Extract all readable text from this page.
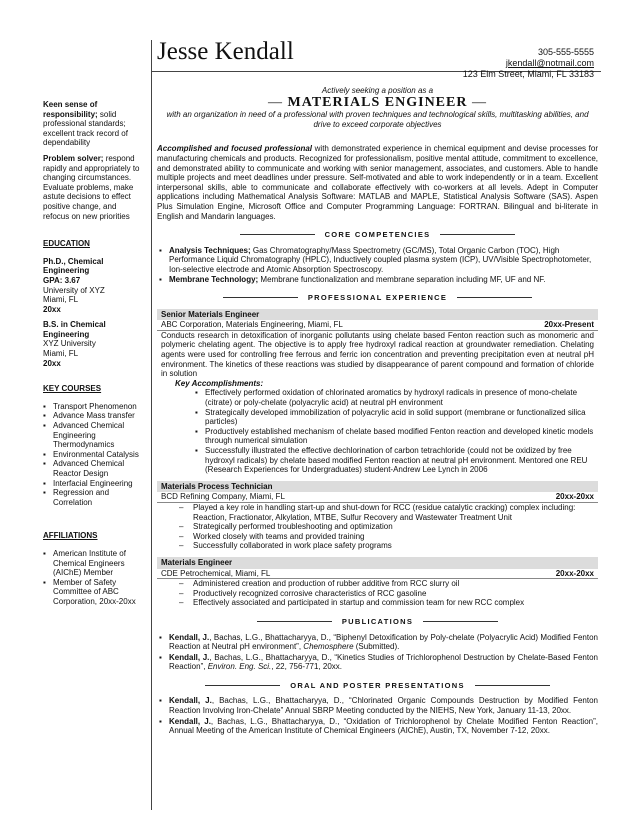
Jesse Kendall	305-555-5555
jkendall@notmail.com
123 Elm Street, Miami, FL 33183
Keen sense of responsibility; solid professional standards; excellent track record of dependability
Problem solver; respond rapidly and appropriately to changing circumstances. Evaluate problems, make astute decisions to effect positive change, and refocus on new priorities
EDUCATION
Ph.D., Chemical Engineering
GPA: 3.67
University of XYZ
Miami, FL
20xx
B.S. in Chemical Engineering
XYZ University
Miami, FL
20xx
KEY COURSES
▪ Transport Phenomenon
▪ Advance Mass transfer
▪ Advanced Chemical Engineering Thermodynamics
▪ Environmental Catalysis
▪ Advanced Chemical Reactor Design
▪ Interfacial Engineering
▪ Regression and Correlation
AFFILIATIONS
▪ American Institute of Chemical Engineers (AIChE) Member
▪ Member of Safety Committee of ABC Corporation, 20xx-20xx
Actively seeking a position as a
— MATERIALS ENGINEER —
with an organization in need of a professional with proven techniques and technological skills, multitasking abilities, and drive to exceed corporate objectives
Accomplished and focused professional with demonstrated experience in chemical equipment and devise processes for manufacturing chemicals and products. Recognized for professionalism, positive mental attitude, commitment to excellence, and demonstrated ability to communicate and working with senior management, associates, and customers. Able to handle multiple projects and meet deadlines under pressure. Self-motivated and able to work independently or in a team. Excellent interpersonal skills, able to communicate and collaborate effectively with co-workers at all levels. Adept in Computer applications including Mathematical Analysis Software: MATLAB and MAPLE, Statistical Analysis Software (SAS). Aspen Plus Simulation Engine, Microsoft Office and Computer Programming Language: FORTRAN. Bilingual and bi-literate in English and Mandarin languages.
CORE COMPETENCIES
▪ Analysis Techniques; Gas Chromatography/Mass Spectrometry (GC/MS), Total Organic Carbon (TOC), High Performance Liquid Chromatography (HPLC), Inductively coupled plasma system (ICP), UV/Visible Spectrophotometer, Ion-selective electrode and Atomic Absorption Spectroscopy.
▪ Membrane Technology; Membrane functionalization and membrane separation including MF, UF and NF.
PROFESSIONAL EXPERIENCE
Senior Materials Engineer
ABC Corporation, Materials Engineering, Miami, FL	20xx-Present
Conducts research in detoxification of inorganic pollutants using chelate based Fenton reaction such as monomeric and polymeric chelating agent. The objective is to apply free hydroxyl radical reaction at groundwater remediation. Chelating agents were used for controlling free ferrous and ferric ion concentration and preventing precipitation even at neutral pH environment. The kinetics of these reactions was studied by disappearance of parent compound and formation of chloride in solution
Key Accomplishments:
▪ Effectively performed oxidation of chlorinated aromatics by hydroxyl radicals in presence of mono-chelate (citrate) or poly-chelate (polyacrylic acid) at neutral pH environment
▪ Strategically developed immobilization of polyacrylic acid in solid support (membrane or functionalized silica particles)
▪ Productively established mechanism of chelate based modified Fenton reaction and developed kinetic models through numerical simulation
▪ Successfully illustrated the effective dechlorination of carbon tetrachloride (could not be oxidized by free hydroxyl radicals) by chelate based modified Fenton reaction at neutral pH environment. Mentored one REU (Research Experiences for Undergraduates) student-Andrew Lee Lynch in 2006
Materials Process Technician
BCD Refining Company, Miami, FL	20xx-20xx
– Played a key role in handling start-up and shut-down for RCC (residue catalytic cracking) complex including: Reaction, Fractionator, Alkylation, MTBE, Sulfur Recovery and Wastewater Treatment Unit
– Strategically performed troubleshooting and optimization
– Worked closely with teams and provided training
– Successfully collaborated in work place safety programs
Materials Engineer
CDE Petrochemical, Miami, FL	20xx-20xx
– Administered creation and production of rubber additive from RCC slurry oil
– Productively recognized corrosive characteristics of RCC gasoline
– Effectively associated and participated in startup and commission team for new RCC complex
PUBLICATIONS
▪ Kendall, J., Bachas, L.G., Bhattacharyya, D., “Biphenyl Detoxification by Poly-chelate (Polyacrylic Acid) Modified Fenton Reaction at Neutral pH environment”, Chemosphere (Submitted).
▪ Kendall, J., Bachas, L.G., Bhattacharyya, D., “Kinetics Studies of Trichlorophenol Destruction by Chelate-Based Fenton Reaction”, Environ. Eng. Sci., 22, 756-771, 20xx.
ORAL AND POSTER PRESENTATIONS
▪ Kendall, J., Bachas, L.G., Bhattacharyya, D., “Chlorinated Organic Compounds Destruction by Modified Fenton Reaction Involving Iron-Chelate” Annual SBRP Meeting conducted by the NIEHS, New York, January 11-13, 20xx.
▪ Kendall, J., Bachas, L.G., Bhattacharyya, D., “Oxidation of Trichlorophenol by Chelate Modified Fenton Reaction”, Annual Meeting of the American Institute of Chemical Engineers (AIChE), Austin, TX, November 7-12, 20xx.
